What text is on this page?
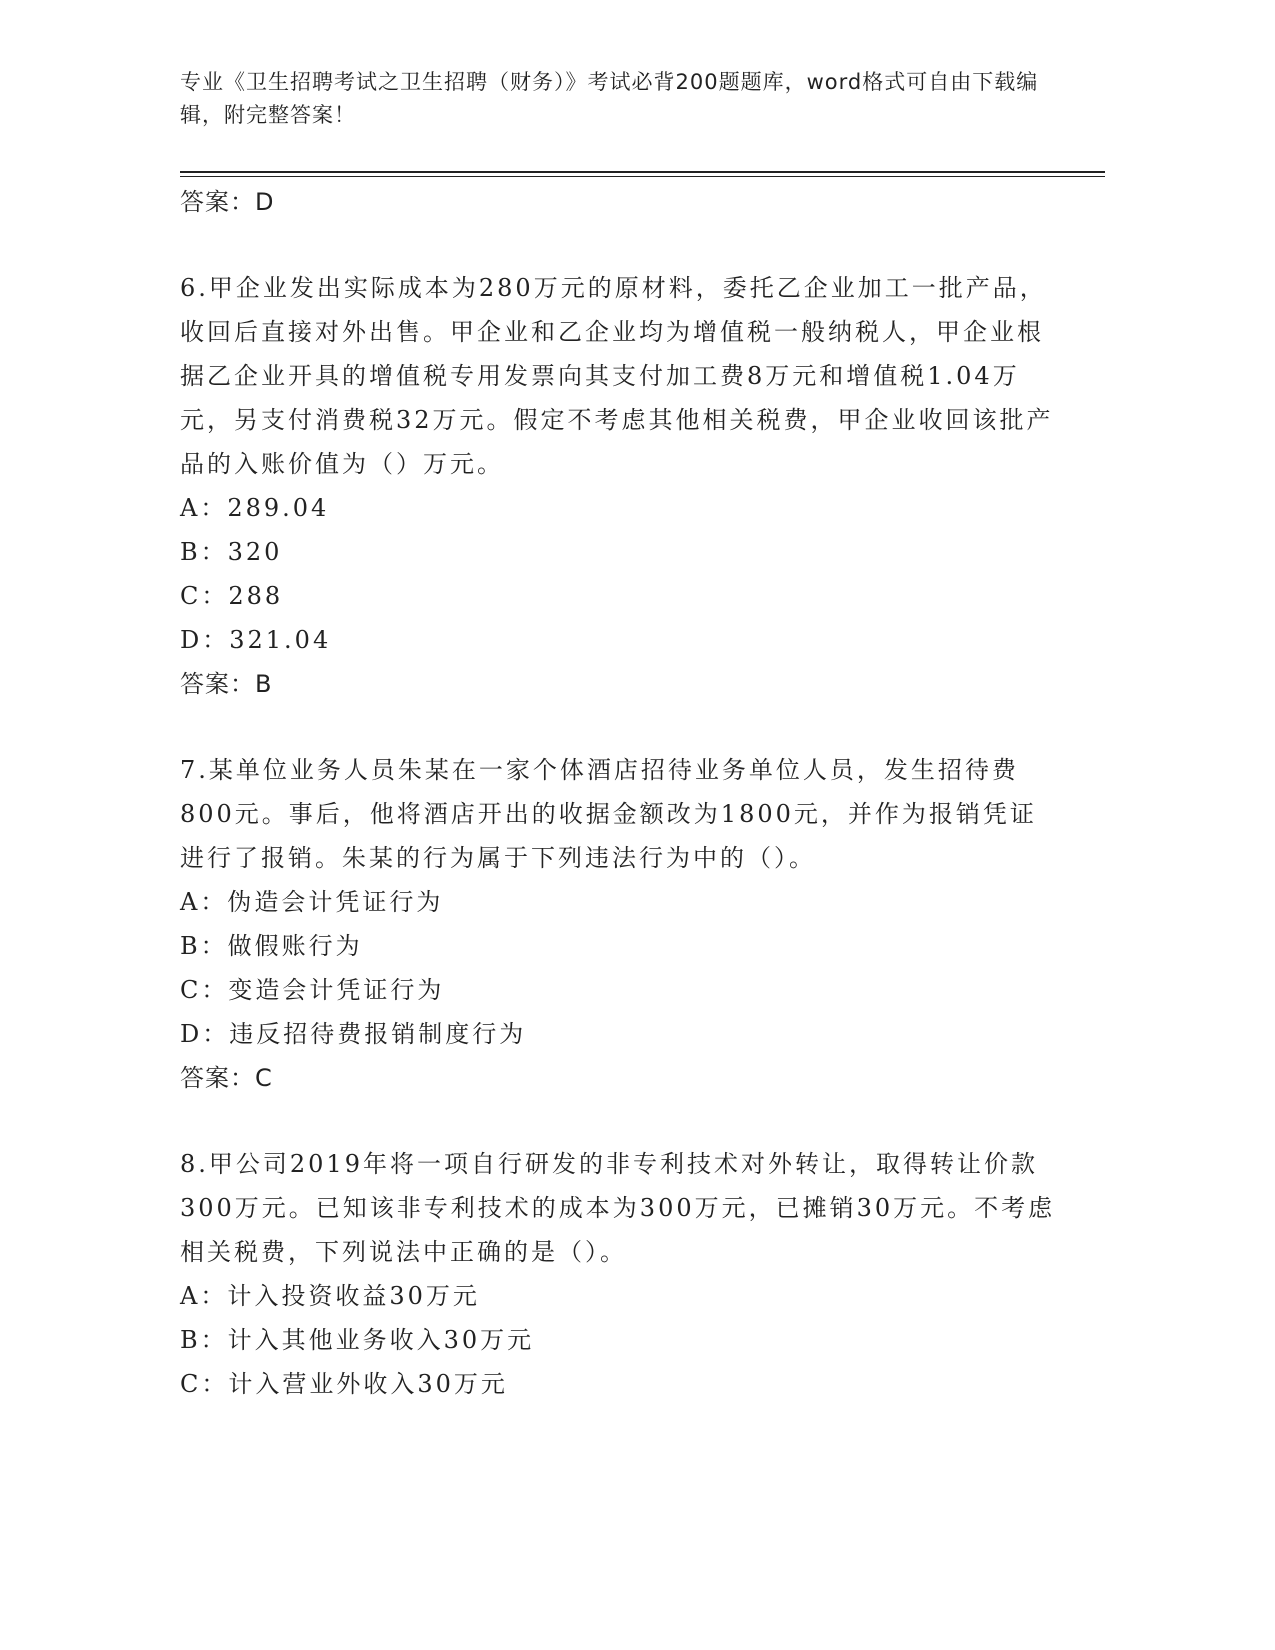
专业《卫生招聘考试之卫生招聘（财务）》考试必背200题题库，word格式可自由下载编辑，附完整答案！
答案：D
6.甲企业发出实际成本为280万元的原材料，委托乙企业加工一批产品，收回后直接对外出售。甲企业和乙企业均为增值税一般纳税人，甲企业根据乙企业开具的增值税专用发票向其支付加工费8万元和增值税1.04万元，另支付消费税32万元。假定不考虑其他相关税费，甲企业收回该批产品的入账价值为（）万元。
A：289.04
B：320
C：288
D：321.04
答案：B
7.某单位业务人员朱某在一家个体酒店招待业务单位人员，发生招待费800元。事后，他将酒店开出的收据金额改为1800元，并作为报销凭证进行了报销。朱某的行为属于下列违法行为中的（）。
A：伪造会计凭证行为
B：做假账行为
C：变造会计凭证行为
D：违反招待费报销制度行为
答案：C
8.甲公司2019年将一项自行研发的非专利技术对外转让，取得转让价款300万元。已知该非专利技术的成本为300万元，已摊销30万元。不考虑相关税费，下列说法中正确的是（）。
A：计入投资收益30万元
B：计入其他业务收入30万元
C：计入营业外收入30万元
